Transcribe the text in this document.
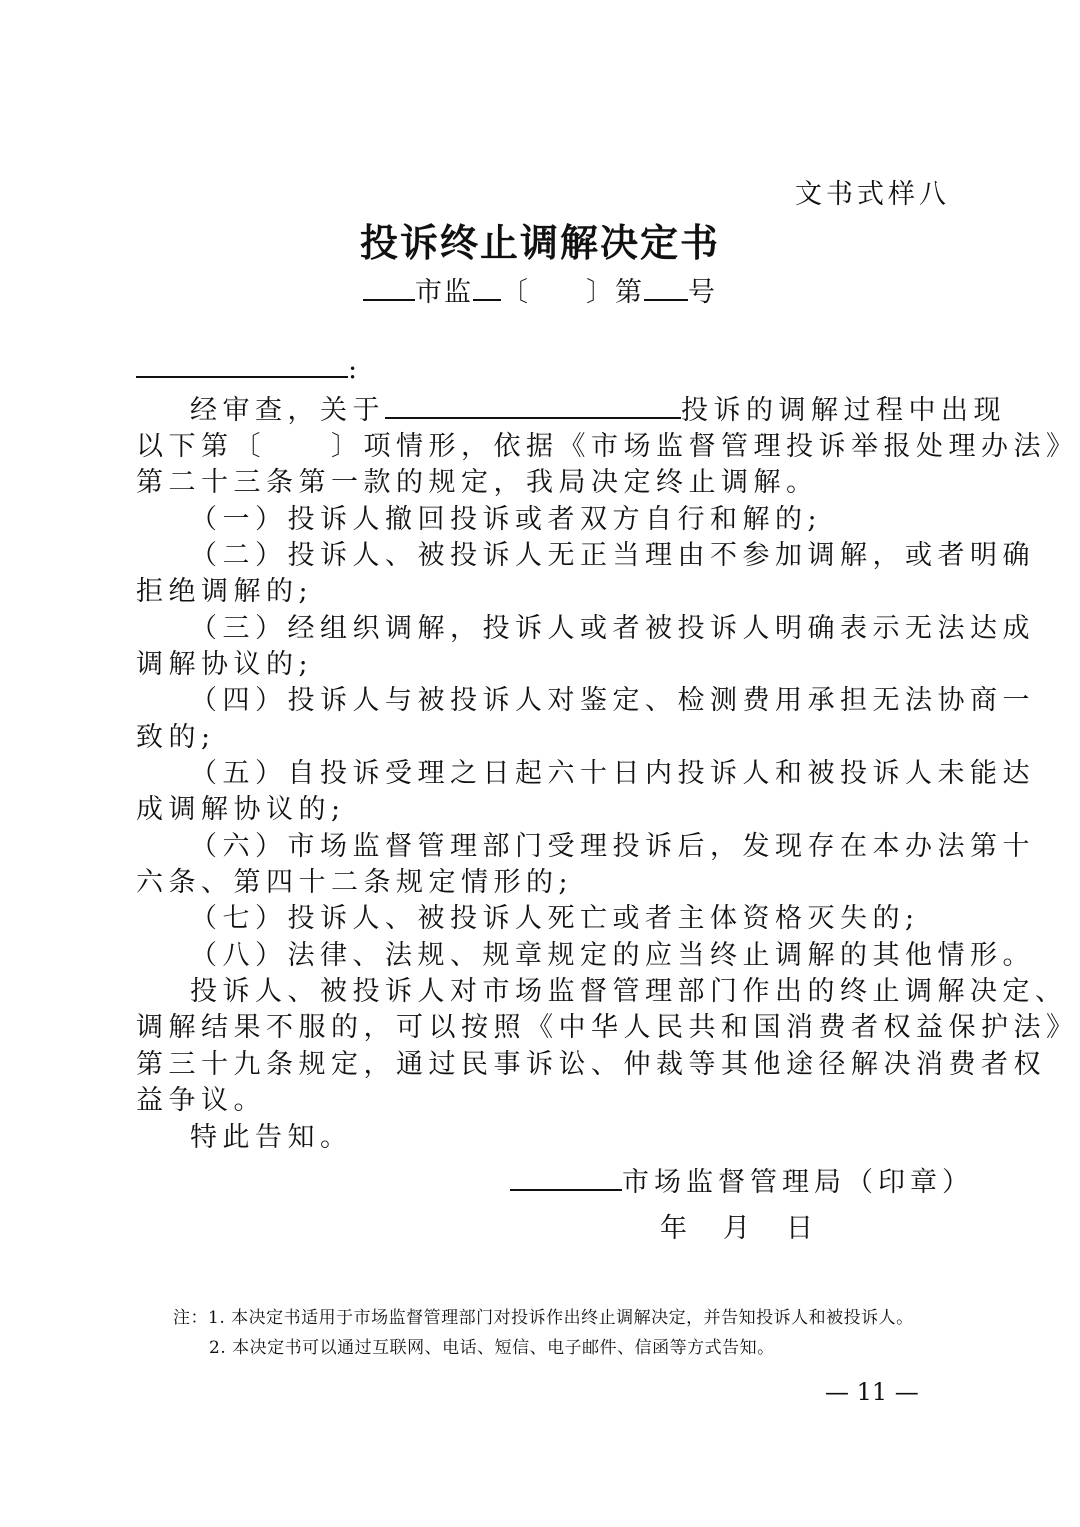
文书式样八
投诉终止调解决定书
市监 〔 〕第 号
:
经审查，关于	投诉的调解过程中出现
以下第〔　　〕项情形，依据《市场监督管理投诉举报处理办法》
第二十三条第一款的规定，我局决定终止调解。
（一）投诉人撤回投诉或者双方自行和解的;
（二）投诉人、被投诉人无正当理由不参加调解，或者明确
拒绝调解的;
（三）经组织调解，投诉人或者被投诉人明确表示无法达成
调解协议的;
（四）投诉人与被投诉人对鉴定、检测费用承担无法协商一
致的;
（五）自投诉受理之日起六十日内投诉人和被投诉人未能达
成调解协议的;
（六）市场监督管理部门受理投诉后，发现存在本办法第十
六条、第四十二条规定情形的;
（七）投诉人、被投诉人死亡或者主体资格灭失的;
（八）法律、法规、规章规定的应当终止调解的其他情形。
投诉人、被投诉人对市场监督管理部门作出的终止调解决定、
调解结果不服的，可以按照《中华人民共和国消费者权益保护法》
第三十九条规定，通过民事诉讼、仲裁等其他途径解决消费者权
益争议。
特此告知。
市场监督管理局（印章）
年 月 日
注：1. 本决定书适用于市场监督管理部门对投诉作出终止调解决定，并告知投诉人和被投诉人。
2. 本决定书可以通过互联网、电话、短信、电子邮件、信函等方式告知。
— 11 —
